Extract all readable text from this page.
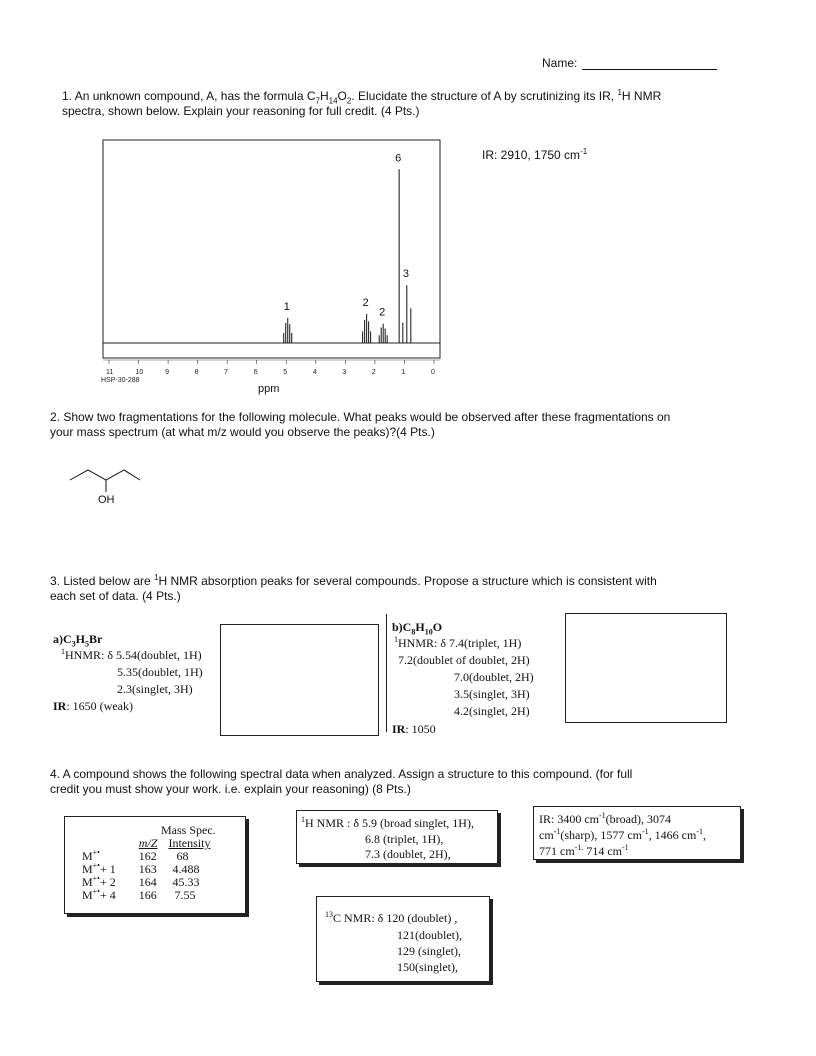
Name:
1. An unknown compound, A, has the formula $C_7H_{14}O_2$. Elucidate the structure of A by scrutinizing its IR, $^1$H NMR
spectra, shown below. Explain your reasoning for full credit. (4 Pts.)
IR: 2910, 1750 $cm^{-1}$
11	10	9	8	7	6	5	4	3	2	1	0
1	2
2
6
3
HSP-30-288
ppm
2. Show two fragmentations for the following molecule. What peaks would be observed after these fragmentations on
your mass spectrum (at what m/z would you observe the peaks)?(4 Pts.)
OH
3. Listed below are $^1$H NMR absorption peaks for several compounds. Propose a structure which is consistent with
each set of data. (4 Pts.)
$a)C_3H_5Br$
$^1$HNMR: δ 5.54(doublet, 1H)
5.35(doublet, 1H)
2.3(singlet, 3H)
IR: 1650 (weak)
$b)C_8H_{10}O$
$^1$HNMR: δ 7.4(triplet, 1H)
7.2(doublet of doublet, 2H)
7.0(doublet, 2H)
3.5(singlet, 3H)
4.2(singlet, 2H)
IR: 1050
4. A compound shows the following spectral data when analyzed. Assign a structure to this compound. (for full
credit you must show your work. i.e. explain your reasoning) (8 Pts.)
Mass Spec.
	m/Z	Intensity
M+•	162	68
M+•+ 1	163	4.488
M+•+ 2	164	45.33
M+•+ 4	166	7.55
$^1$H NMR : δ 5.9 (broad singlet, 1H),
6.8 (triplet, 1H),
7.3 (doublet, 2H),
IR: 3400 $cm^{-1}(broad)$, 3074
$cm^{-1}(sharp)$, 1577 $cm^{-1}$, 1466 $cm^{-1}$,
771 $cm^{-1.}$ 714 $cm^{-1}$
$^{13}$C NMR: δ 120 (doublet) ,
121(doublet),
129 (singlet),
150(singlet),
